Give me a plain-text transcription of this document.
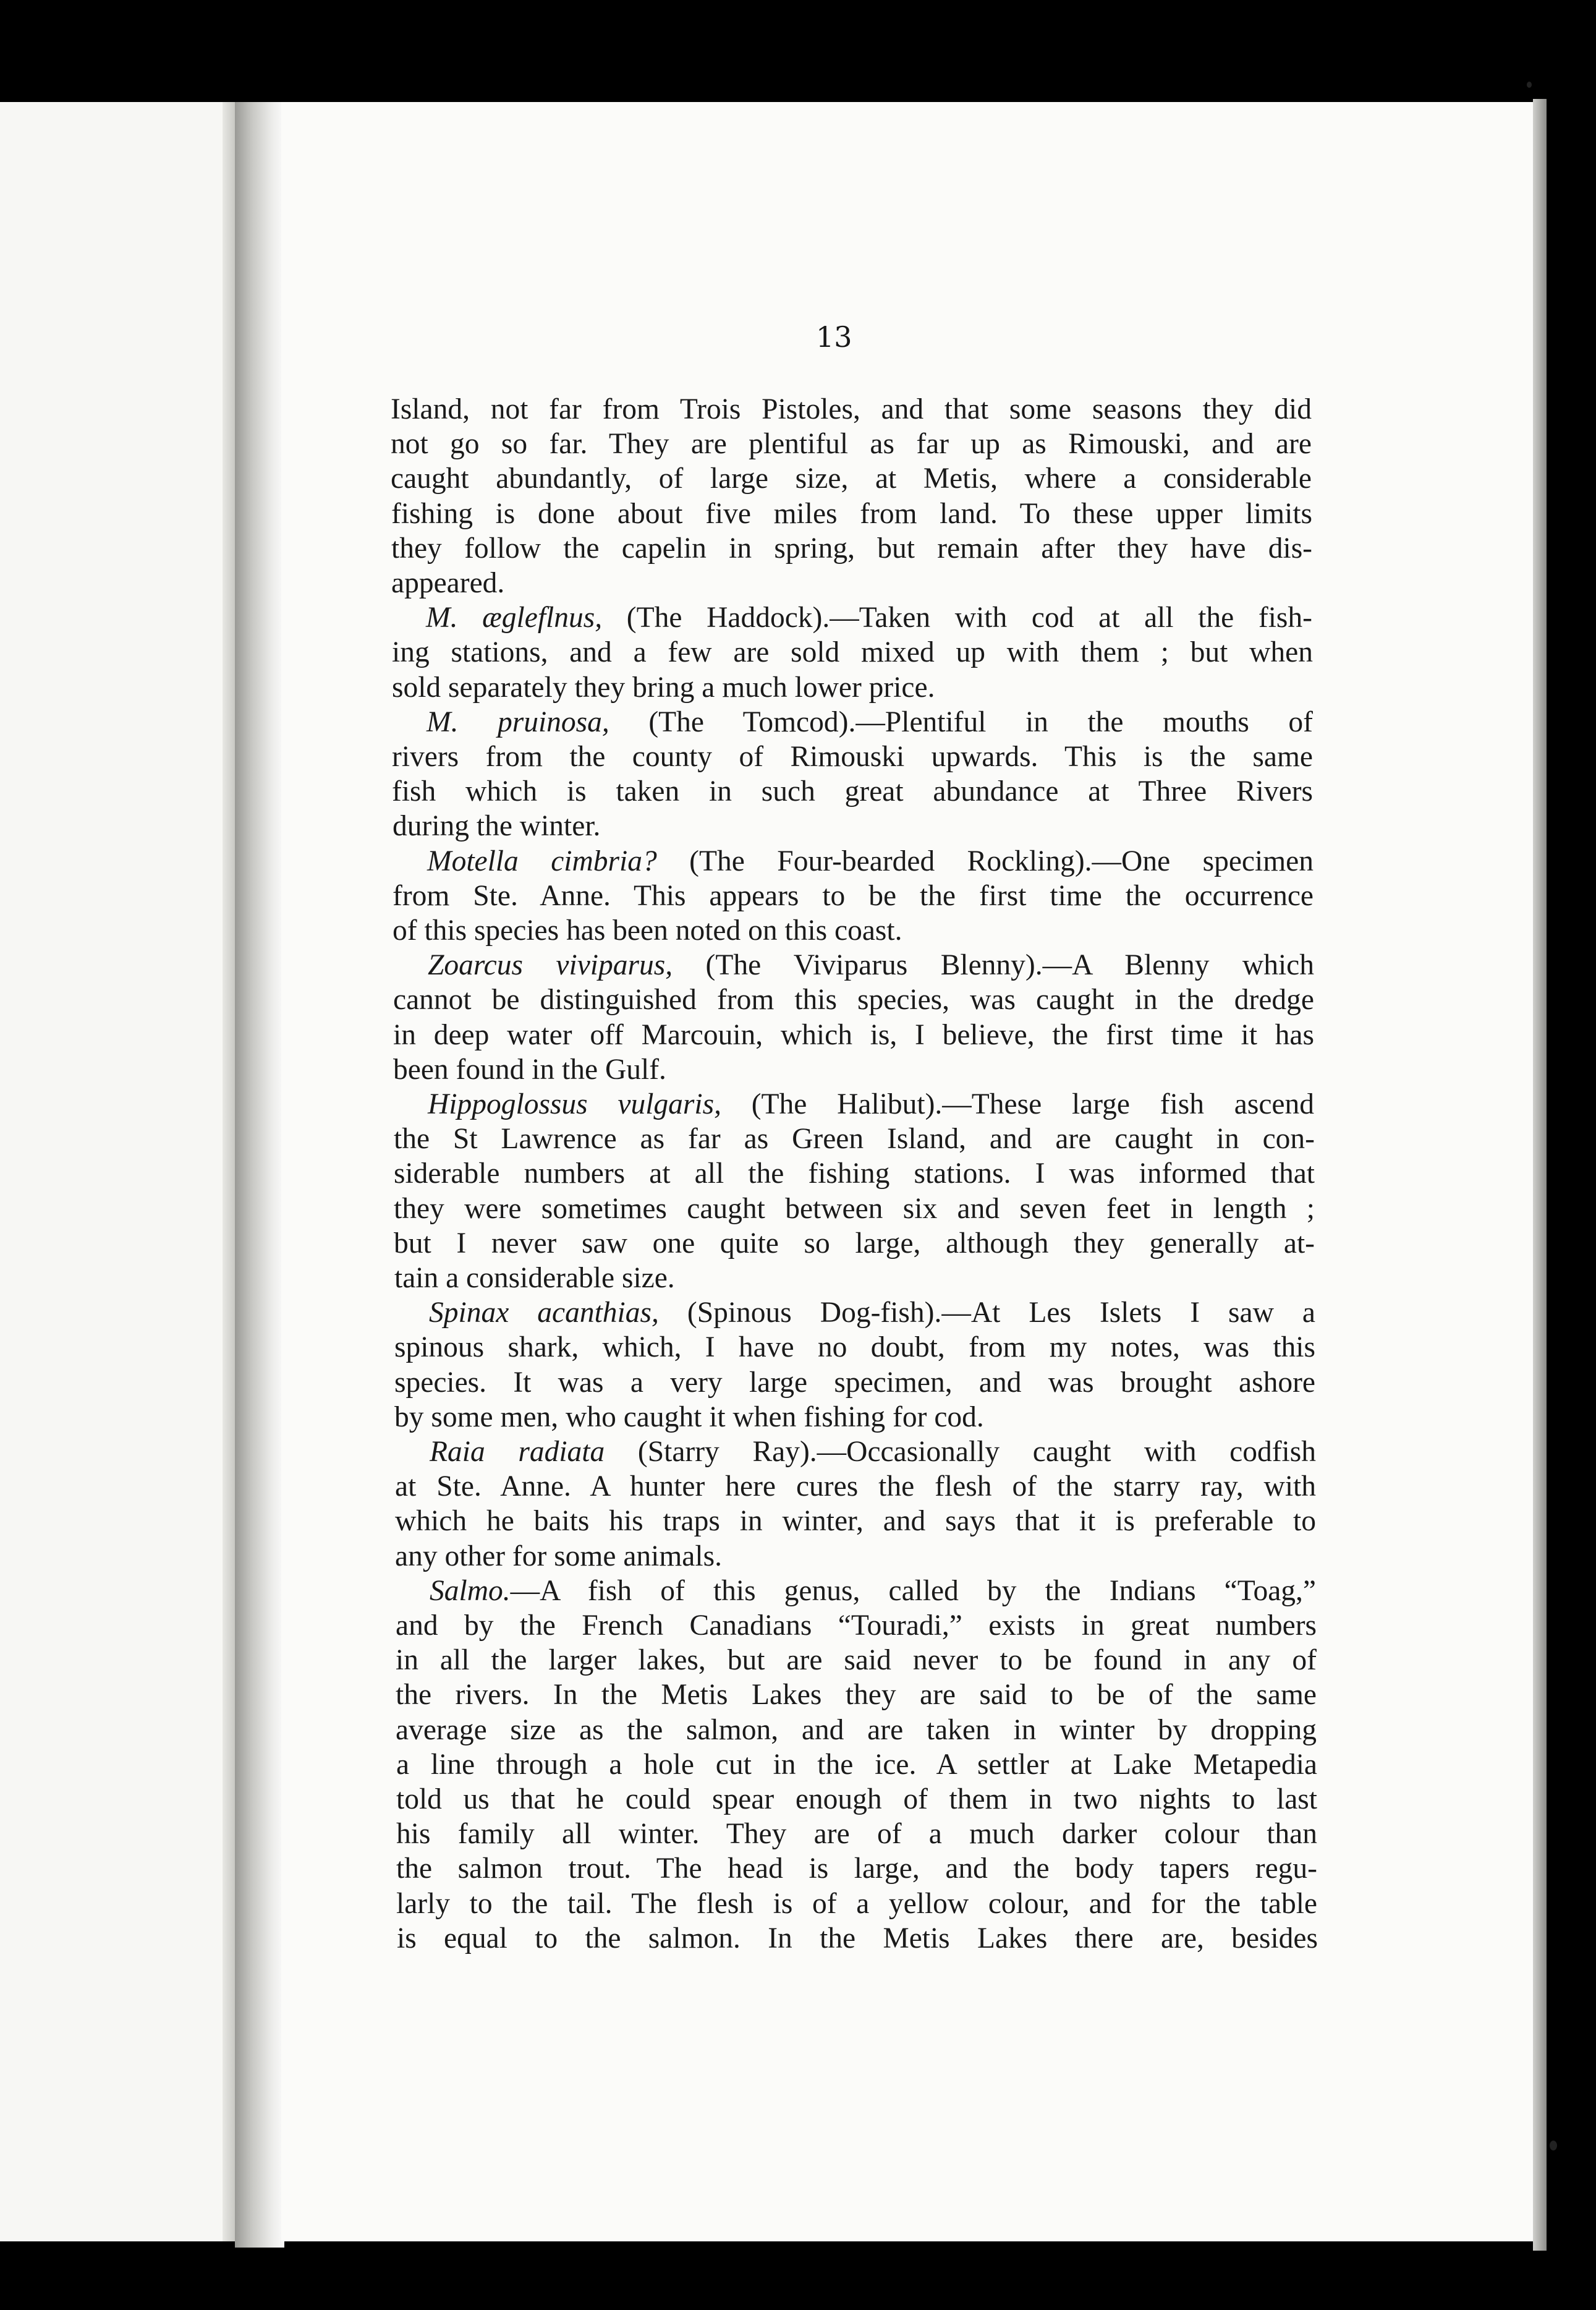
13
Island, not far from Trois Pistoles, and that some seasons they did
not go so far. They are plentiful as far up as Rimouski, and are
caught abundantly, of large size, at Metis, where a considerable
fishing is done about five miles from land. To these upper limits
they follow the capelin in spring, but remain after they have dis-
appeared.
M. ægleflnus, (The Haddock).—Taken with cod at all the fish-
ing stations, and a few are sold mixed up with them ; but when
sold separately they bring a much lower price.
M. pruinosa, (The Tomcod).—Plentiful in the mouths of
rivers from the county of Rimouski upwards. This is the same
fish which is taken in such great abundance at Three Rivers
during the winter.
Motella cimbria? (The Four-bearded Rockling).—One specimen
from Ste. Anne. This appears to be the first time the occurrence
of this species has been noted on this coast.
Zoarcus viviparus, (The Viviparus Blenny).—A Blenny which
cannot be distinguished from this species, was caught in the dredge
in deep water off Marcouin, which is, I believe, the first time it has
been found in the Gulf.
Hippoglossus vulgaris, (The Halibut).—These large fish ascend
the St Lawrence as far as Green Island, and are caught in con-
siderable numbers at all the fishing stations. I was informed that
they were sometimes caught between six and seven feet in length ;
but I never saw one quite so large, although they generally at-
tain a considerable size.
Spinax acanthias, (Spinous Dog-fish).—At Les Islets I saw a
spinous shark, which, I have no doubt, from my notes, was this
species. It was a very large specimen, and was brought ashore
by some men, who caught it when fishing for cod.
Raia radiata (Starry Ray).—Occasionally caught with codfish
at Ste. Anne. A hunter here cures the flesh of the starry ray, with
which he baits his traps in winter, and says that it is preferable to
any other for some animals.
Salmo.—A fish of this genus, called by the Indians “Toag,”
and by the French Canadians “Touradi,” exists in great numbers
in all the larger lakes, but are said never to be found in any of
the rivers. In the Metis Lakes they are said to be of the same
average size as the salmon, and are taken in winter by dropping
a line through a hole cut in the ice. A settler at Lake Metapedia
told us that he could spear enough of them in two nights to last
his family all winter. They are of a much darker colour than
the salmon trout. The head is large, and the body tapers regu-
larly to the tail. The flesh is of a yellow colour, and for the table
is equal to the salmon. In the Metis Lakes there are, besides
